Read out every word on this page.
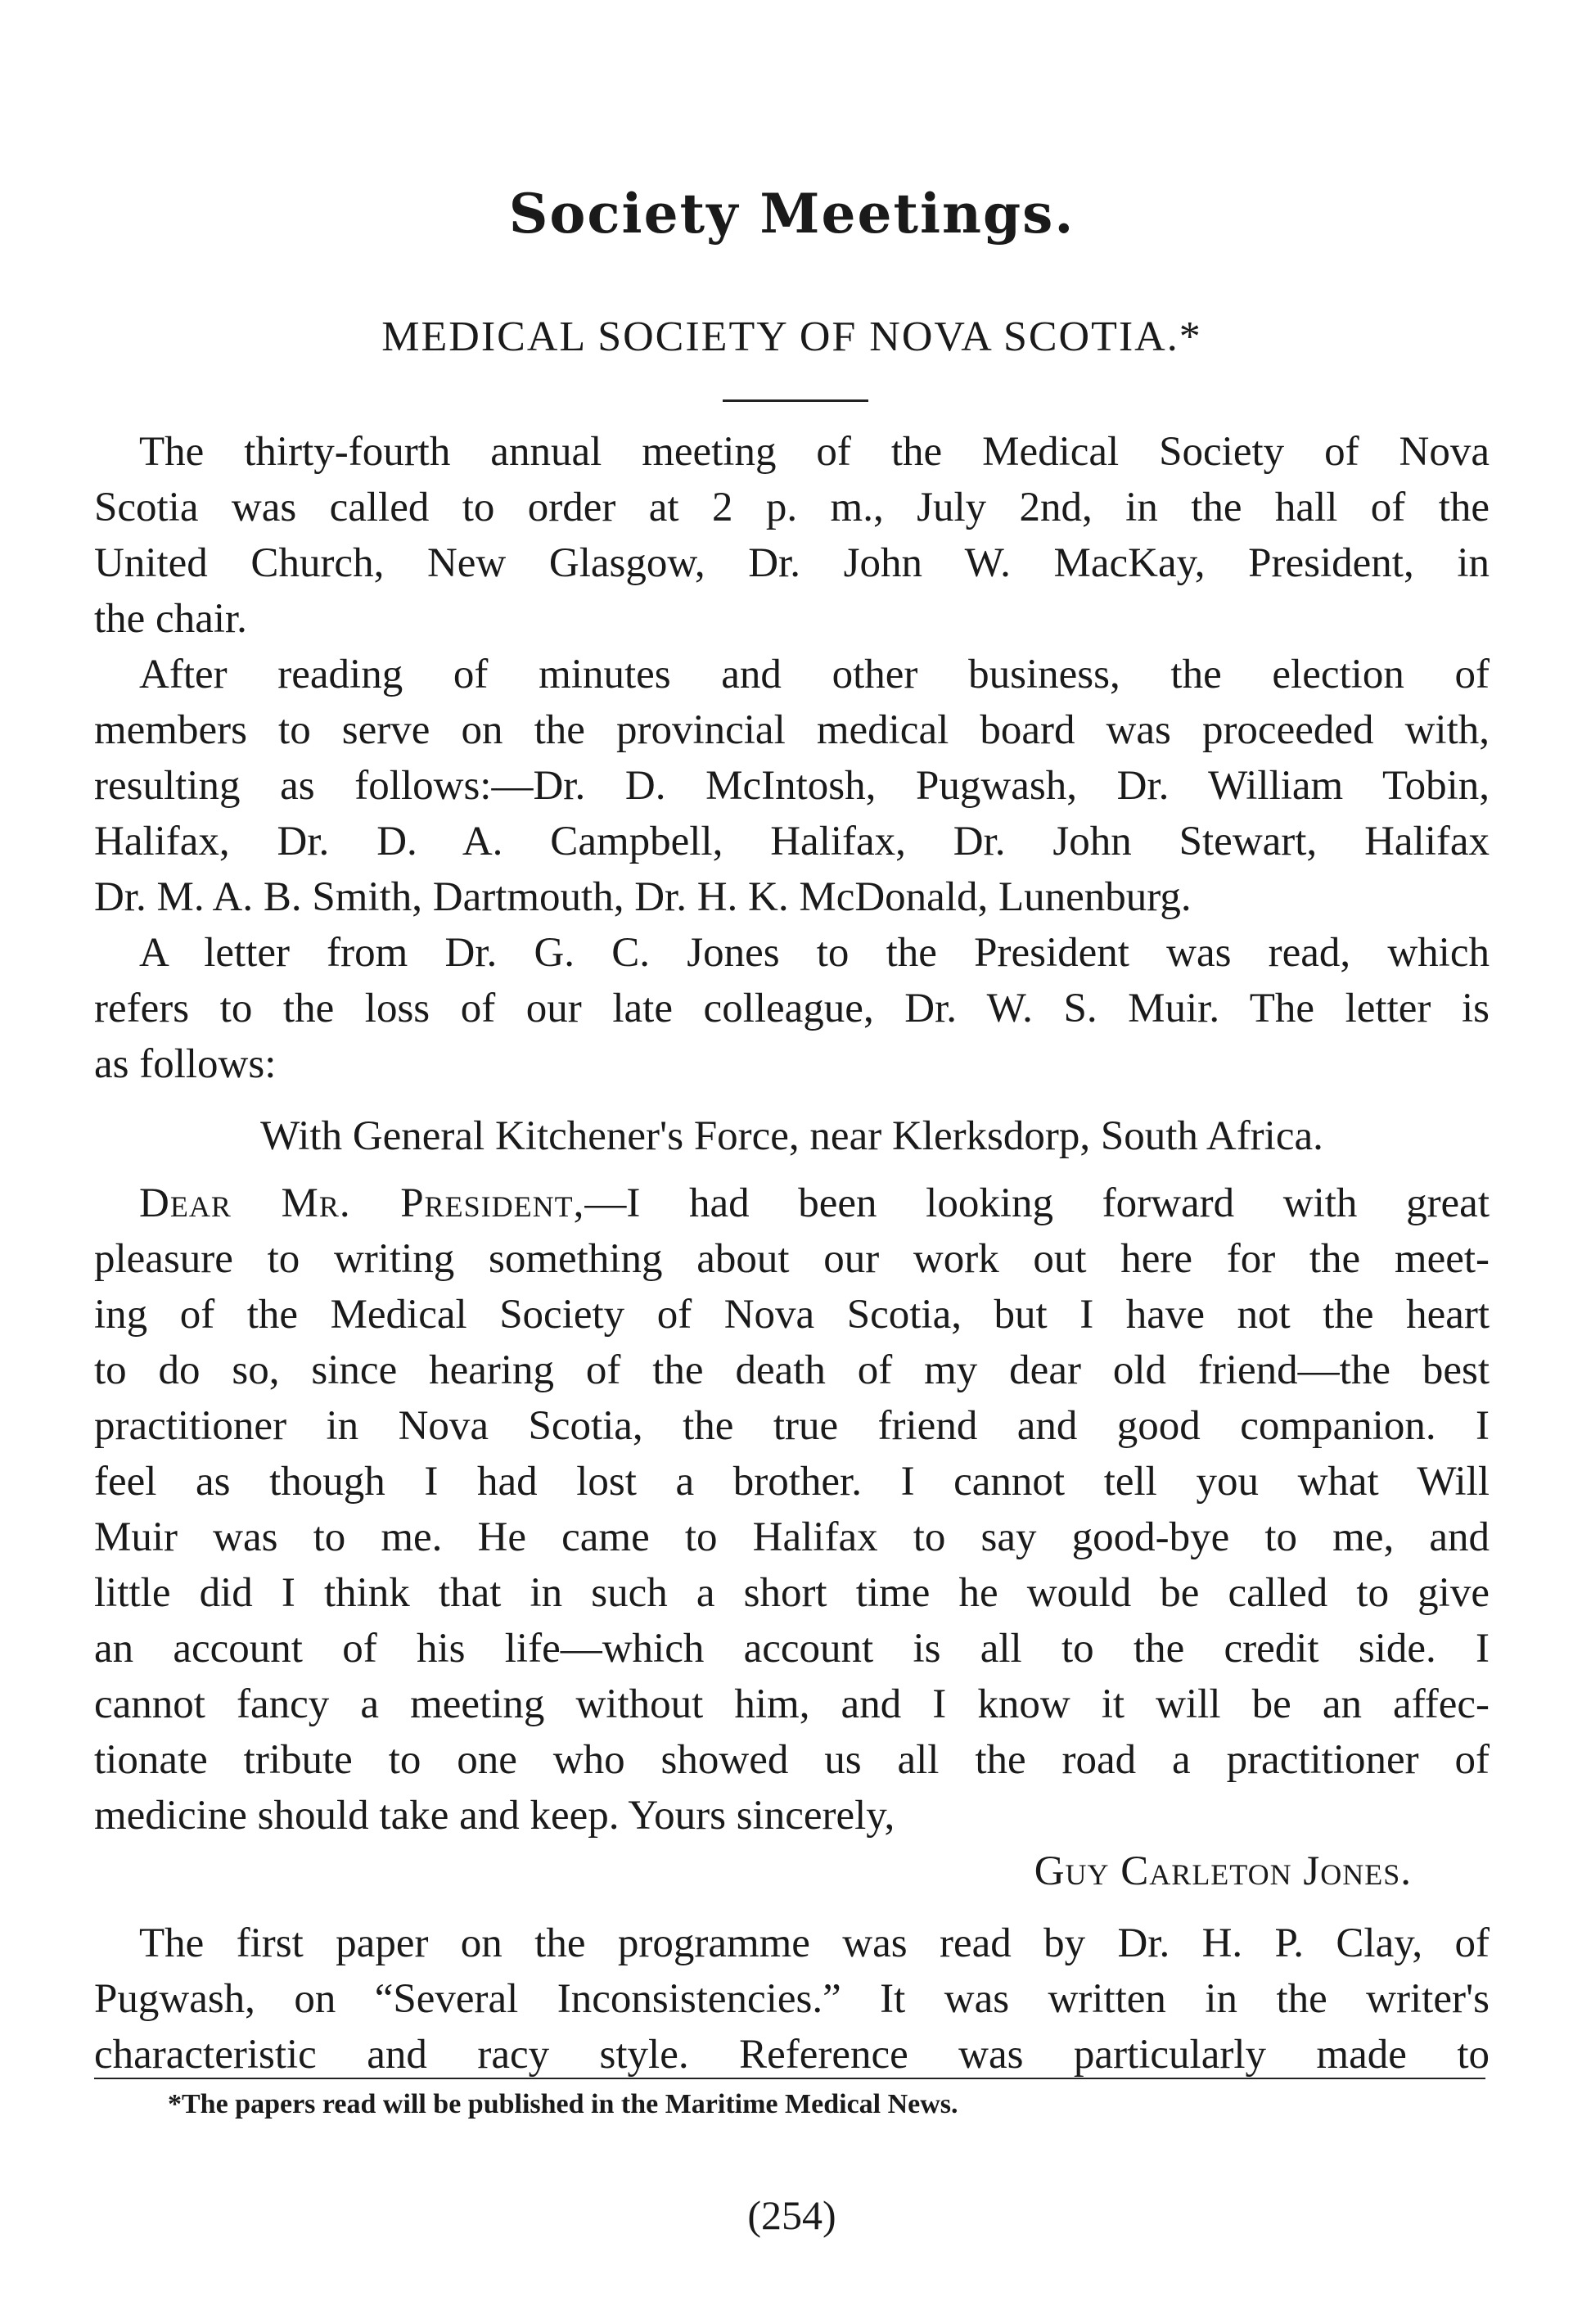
Society Meetings.
MEDICAL SOCIETY OF NOVA SCOTIA.*
The thirty-fourth annual meeting of the Medical Society of Nova
Scotia was called to order at 2 p. m., July 2nd, in the hall of the
United Church, New Glasgow, Dr. John W. MacKay, President, in
the chair.
After reading of minutes and other business, the election of
members to serve on the provincial medical board was proceeded with,
resulting as follows:—Dr. D. McIntosh, Pugwash, Dr. William Tobin,
Halifax, Dr. D. A. Campbell, Halifax, Dr. John Stewart, Halifax
Dr. M. A. B. Smith, Dartmouth, Dr. H. K. McDonald, Lunenburg.
A letter from Dr. G. C. Jones to the President was read, which
refers to the loss of our late colleague, Dr. W. S. Muir. The letter is
as follows:
With General Kitchener's Force, near Klerksdorp, South Africa.
Dear Mr. President,—I had been looking forward with great
pleasure to writing something about our work out here for the meet-
ing of the Medical Society of Nova Scotia, but I have not the heart
to do so, since hearing of the death of my dear old friend—the best
practitioner in Nova Scotia, the true friend and good companion. I
feel as though I had lost a brother. I cannot tell you what Will
Muir was to me. He came to Halifax to say good-bye to me, and
little did I think that in such a short time he would be called to give
an account of his life—which account is all to the credit side. I
cannot fancy a meeting without him, and I know it will be an affec-
tionate tribute to one who showed us all the road a practitioner of
medicine should take and keep. Yours sincerely,
Guy Carleton Jones.
The first paper on the programme was read by Dr. H. P. Clay, of
Pugwash, on “Several Inconsistencies.” It was written in the writer's
characteristic and racy style. Reference was particularly made to
*The papers read will be published in the Maritime Medical News.
(254)
